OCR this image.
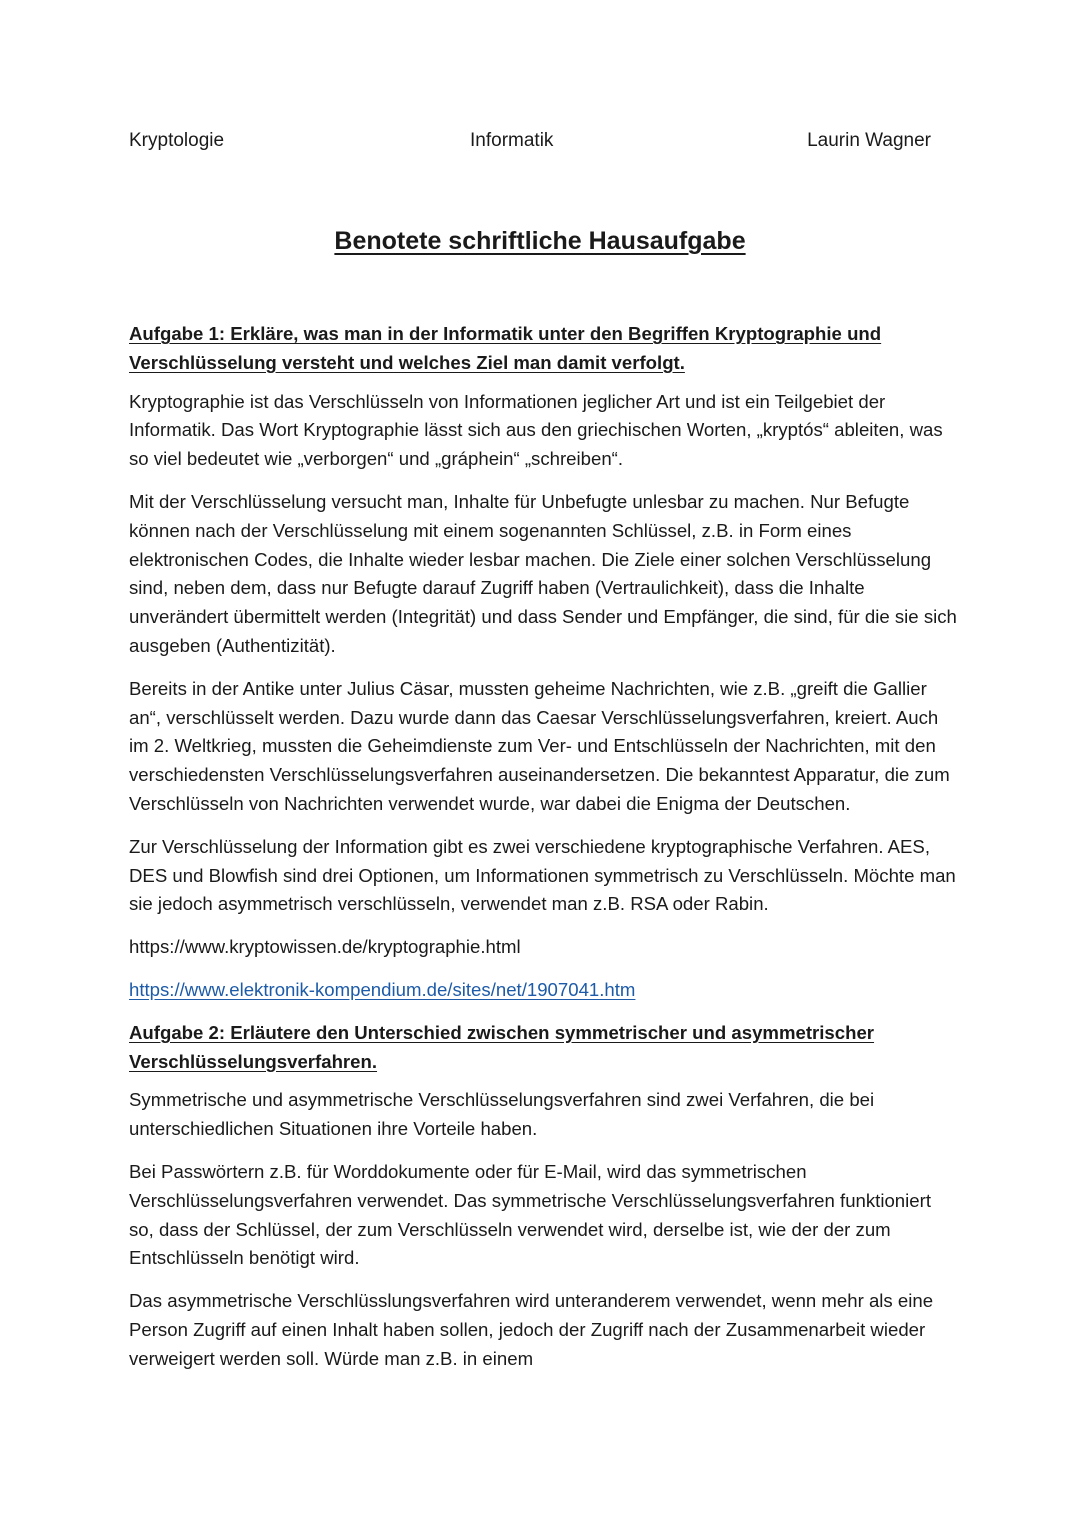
Kryptologie	Informatik	Laurin Wagner
Benotete schriftliche Hausaufgabe

Aufgabe 1: Erkläre, was man in der Informatik unter den Begriffen Kryptographie und Verschlüsselung versteht und welches Ziel man damit verfolgt.

Kryptographie ist das Verschlüsseln von Informationen jeglicher Art und ist ein Teilgebiet der Informatik. Das Wort Kryptographie lässt sich aus den griechischen Worten, „kryptós“ ableiten, was so viel bedeutet wie „verborgen“ und „gráphein“ „schreiben“.

Mit der Verschlüsselung versucht man, Inhalte für Unbefugte unlesbar zu machen. Nur Befugte können nach der Verschlüsselung mit einem sogenannten Schlüssel, z.B. in Form eines elektronischen Codes, die Inhalte wieder lesbar machen. Die Ziele einer solchen Verschlüsselung sind, neben dem, dass nur Befugte darauf Zugriff haben (Vertraulichkeit), dass die Inhalte unverändert übermittelt werden (Integrität) und dass Sender und Empfänger, die sind, für die sie sich ausgeben (Authentizität).

Bereits in der Antike unter Julius Cäsar, mussten geheime Nachrichten, wie z.B. „greift die Gallier an“, verschlüsselt werden. Dazu wurde dann das Caesar Verschlüsselungsverfahren, kreiert. Auch im 2. Weltkrieg, mussten die Geheimdienste zum Ver- und Entschlüsseln der Nachrichten, mit den verschiedensten Verschlüsselungsverfahren auseinandersetzen. Die bekanntest Apparatur, die zum Verschlüsseln von Nachrichten verwendet wurde, war dabei die Enigma der Deutschen.

Zur Verschlüsselung der Information gibt es zwei verschiedene kryptographische Verfahren. AES, DES und Blowfish sind drei Optionen, um Informationen symmetrisch zu Verschlüsseln. Möchte man sie jedoch asymmetrisch verschlüsseln, verwendet man z.B. RSA oder Rabin.

https://www.kryptowissen.de/kryptographie.html

https://www.elektronik-kompendium.de/sites/net/1907041.htm

Aufgabe 2: Erläutere den Unterschied zwischen symmetrischer und asymmetrischer Verschlüsselungsverfahren.

Symmetrische und asymmetrische Verschlüsselungsverfahren sind zwei Verfahren, die bei unterschiedlichen Situationen ihre Vorteile haben.

Bei Passwörtern z.B. für Worddokumente oder für E-Mail, wird das symmetrischen Verschlüsselungsverfahren verwendet. Das symmetrische Verschlüsselungsverfahren funktioniert so, dass der Schlüssel, der zum Verschlüsseln verwendet wird, derselbe ist, wie der der zum Entschlüsseln benötigt wird.

Das asymmetrische Verschlüsslungsverfahren wird unteranderem verwendet, wenn mehr als eine Person Zugriff auf einen Inhalt haben sollen, jedoch der Zugriff nach der Zusammenarbeit wieder verweigert werden soll. Würde man z.B. in einem
